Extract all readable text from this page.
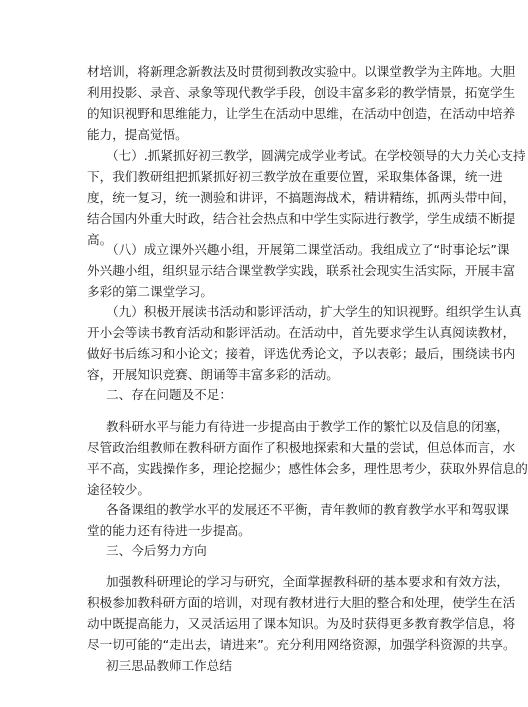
材培训，将新理念新教法及时贯彻到教改实验中。以课堂教学为主阵地。大胆
利用投影、录音、录象等现代教学手段，创设丰富多彩的教学情景，拓宽学生
的知识视野和思维能力，让学生在活动中思维，在活动中创造，在活动中培养
能力，提高觉悟。
（七）.抓紧抓好初三教学，圆满完成学业考试。在学校领导的大力关心支持
下，我们教研组把抓紧抓好初三教学放在重要位置，采取集体备课，统一进
度，统一复习，统一测验和讲评，不搞题海战术，精讲精练，抓两头带中间，
结合国内外重大时政，结合社会热点和中学生实际进行教学，学生成绩不断提
高。
（八）成立课外兴趣小组，开展第二课堂活动。我组成立了“时事论坛”课
外兴趣小组，组织显示结合课堂教学实践，联系社会现实生活实际，开展丰富
多彩的第二课堂学习。
（九）积极开展读书活动和影评活动，扩大学生的知识视野。组织学生认真
开小会等读书教育活动和影评活动。在活动中，首先要求学生认真阅读教材，
做好书后练习和小论文；接着，评选优秀论文，予以表彰；最后，围绕读书内
容，开展知识竞赛、朗诵等丰富多彩的活动。
二、存在问题及不足：
教科研水平与能力有待进一步提高由于教学工作的繁忙以及信息的闭塞，
尽管政治组教师在教科研方面作了积极地探索和大量的尝试，但总体而言，水
平不高，实践操作多，理论挖掘少；感性体会多，理性思考少，获取外界信息的
途径较少。
各备课组的教学水平的发展还不平衡，青年教师的教育教学水平和驾驭课
堂的能力还有待进一步提高。
三、今后努力方向
加强教科研理论的学习与研究，全面掌握教科研的基本要求和有效方法，
积极参加教科研方面的培训，对现有教材进行大胆的整合和处理，使学生在活
动中既提高能力，又灵活运用了课本知识。为及时获得更多教育教学信息，将
尽一切可能的“走出去，请进来”。充分利用网络资源，加强学科资源的共享。
初三思品教师工作总结
